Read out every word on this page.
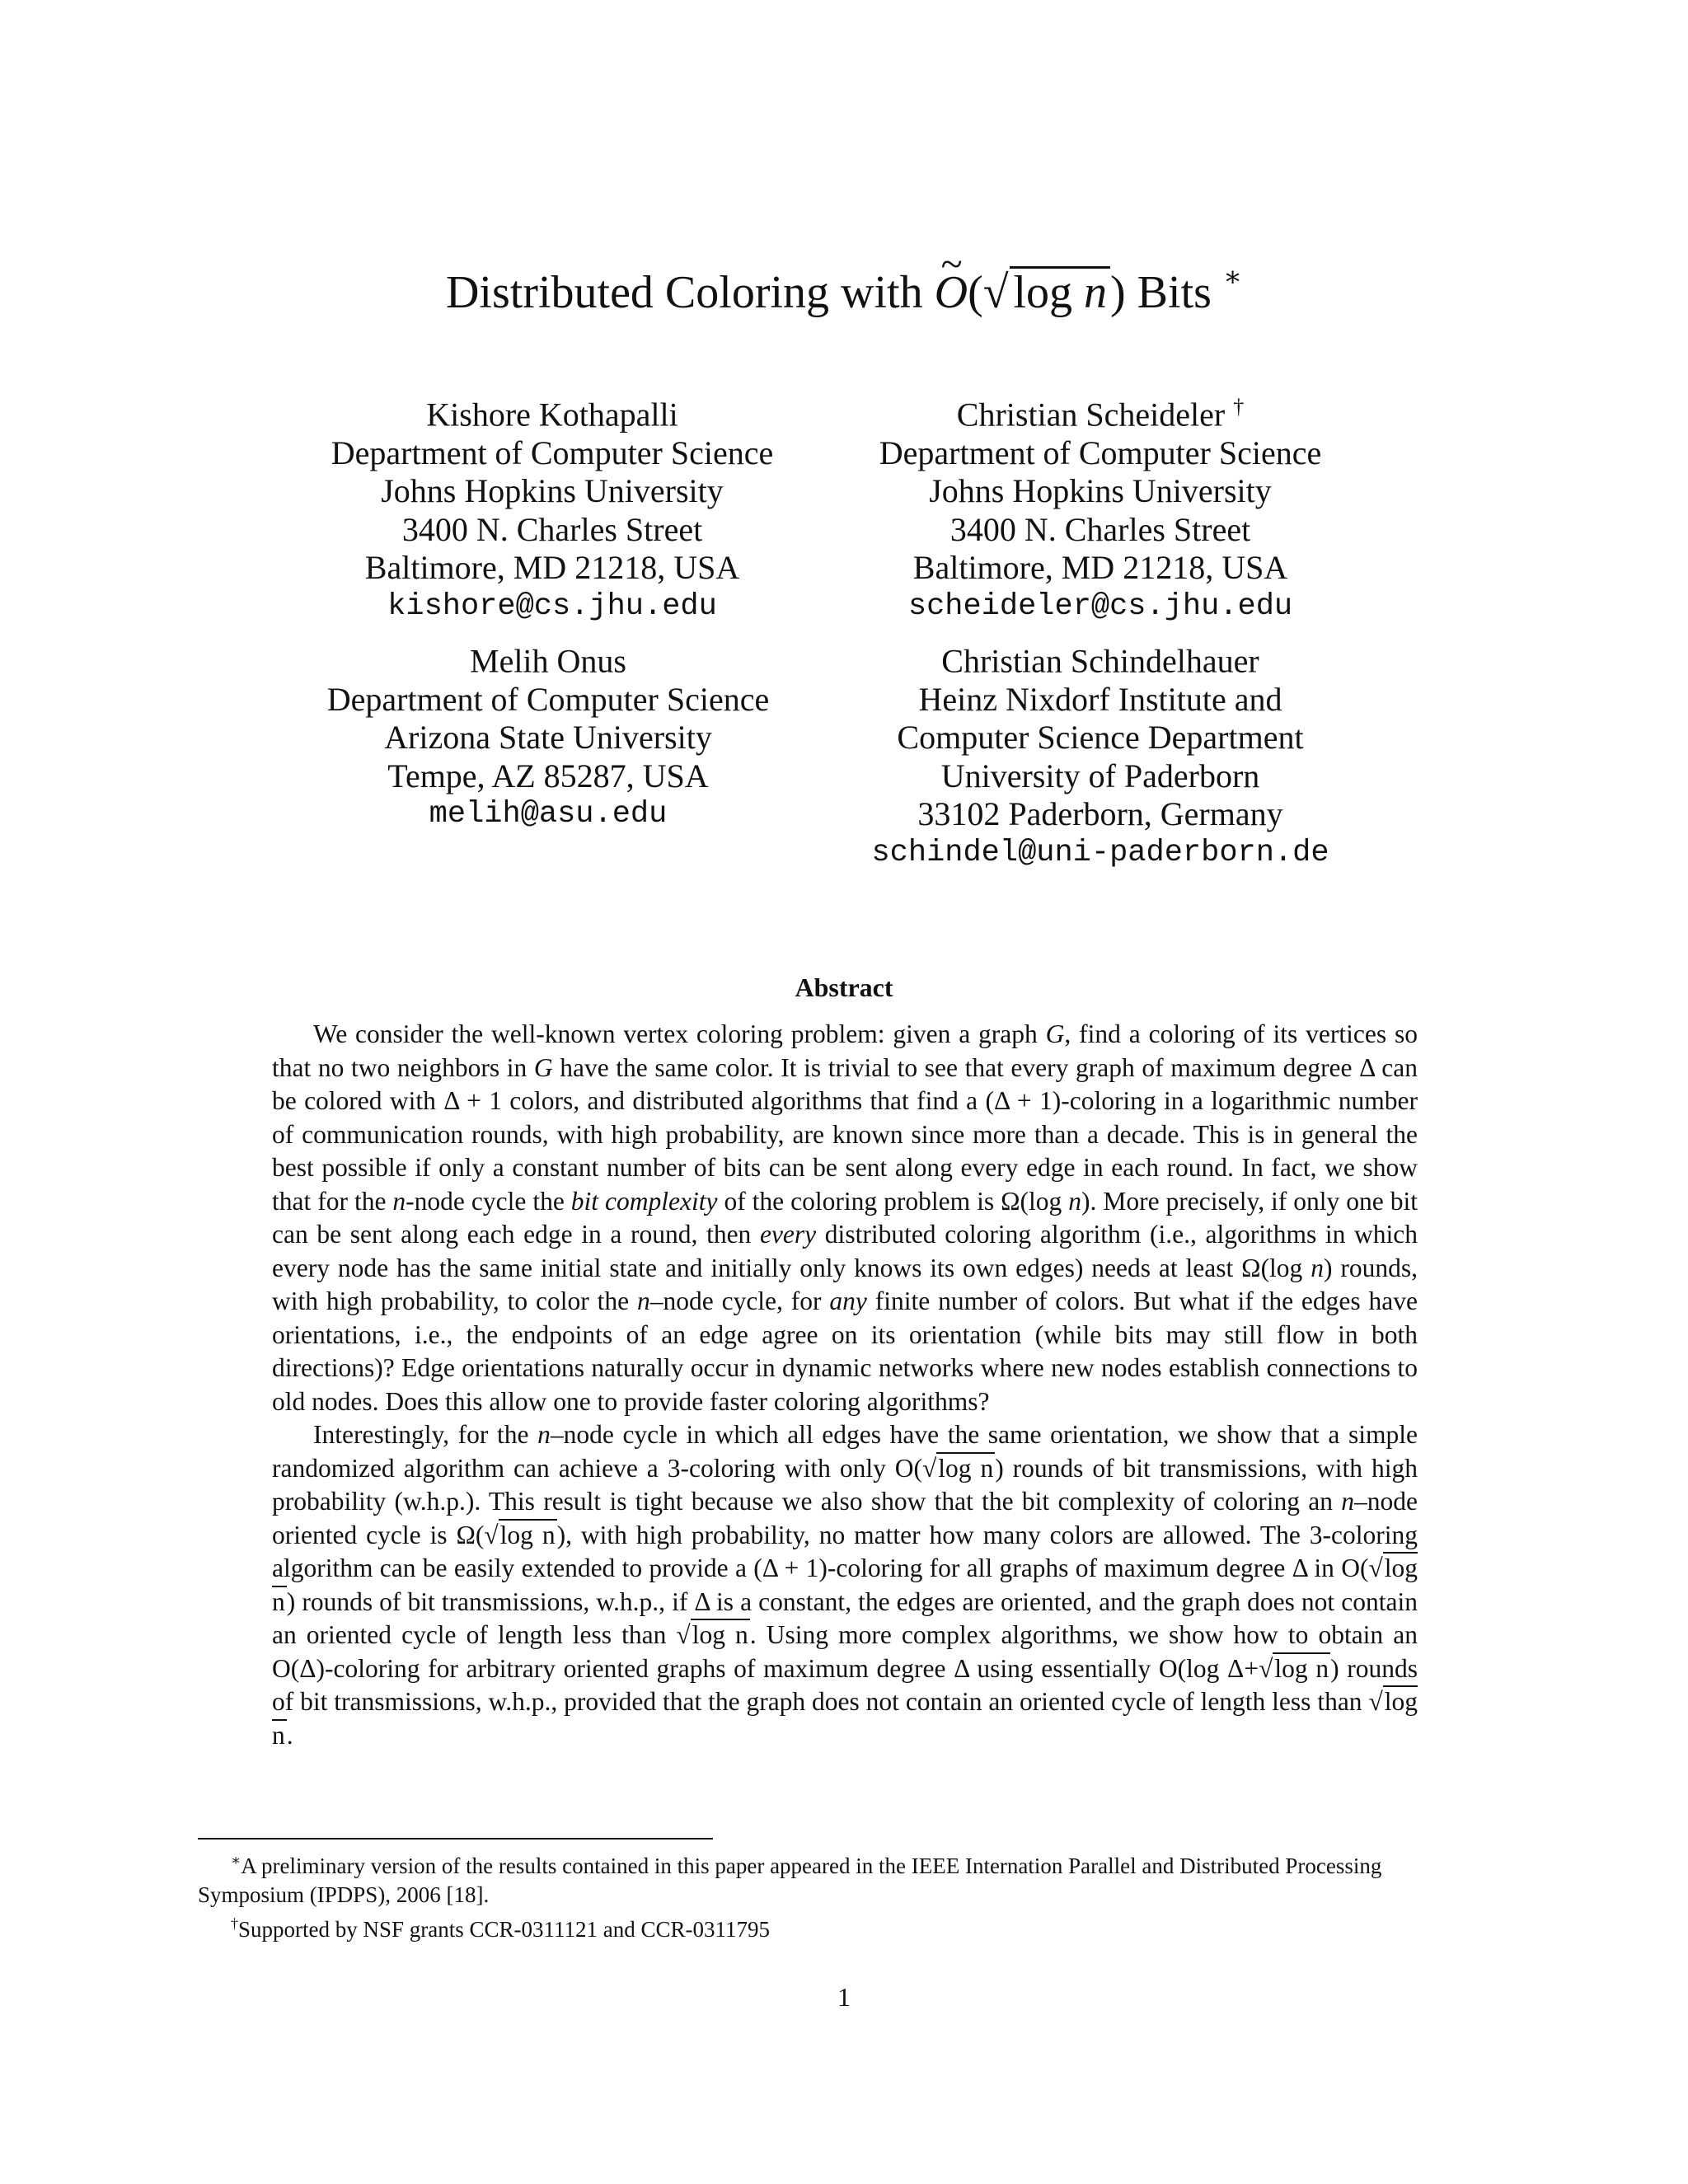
Distributed Coloring with ~ O(√ log n) Bits ∗
Kishore Kothapalli
Department of Computer Science
Johns Hopkins University
3400 N. Charles Street
Baltimore, MD 21218, USA
kishore@cs.jhu.edu
Christian Scheideler †
Department of Computer Science
Johns Hopkins University
3400 N. Charles Street
Baltimore, MD 21218, USA
scheideler@cs.jhu.edu
Melih Onus
Department of Computer Science
Arizona State University
Tempe, AZ 85287, USA
melih@asu.edu
Christian Schindelhauer
Heinz Nixdorf Institute and
Computer Science Department
University of Paderborn
33102 Paderborn, Germany
schindel@uni-paderborn.de
Abstract

We consider the well-known vertex coloring problem: given a graph G, find a coloring of its vertices so that no two neighbors in G have the same color. It is trivial to see that every graph of maximum degree Δ can be colored with Δ + 1 colors, and distributed algorithms that find a (Δ + 1)-coloring in a logarithmic number of communication rounds, with high probability, are known since more than a decade. This is in general the best possible if only a constant number of bits can be sent along every edge in each round. In fact, we show that for the n-node cycle the bit complexity of the coloring problem is Ω(log n). More precisely, if only one bit can be sent along each edge in a round, then every distributed coloring algorithm (i.e., algorithms in which every node has the same initial state and initially only knows its own edges) needs at least Ω(log n) rounds, with high probability, to color the n–node cycle, for any finite number of colors. But what if the edges have orientations, i.e., the endpoints of an edge agree on its orientation (while bits may still flow in both directions)? Edge orientations naturally occur in dynamic networks where new nodes establish connections to old nodes. Does this allow one to provide faster coloring algorithms?

Interestingly, for the n–node cycle in which all edges have the same orientation, we show that a simple randomized algorithm can achieve a 3-coloring with only O(√log n) rounds of bit transmissions, with high probability (w.h.p.). This result is tight because we also show that the bit complexity of coloring an n–node oriented cycle is Ω(√log n), with high probability, no matter how many colors are allowed. The 3-coloring algorithm can be easily extended to provide a (Δ + 1)-coloring for all graphs of maximum degree Δ in O(√log n) rounds of bit transmissions, w.h.p., if Δ is a constant, the edges are oriented, and the graph does not contain an oriented cycle of length less than √log n. Using more complex algorithms, we show how to obtain an O(Δ)-coloring for arbitrary oriented graphs of maximum degree Δ using essentially O(log Δ+√log n) rounds of bit transmissions, w.h.p., provided that the graph does not contain an oriented cycle of length less than √log n.

∗A preliminary version of the results contained in this paper appeared in the IEEE Internation Parallel and Distributed Processing Symposium (IPDPS), 2006 [18].

†Supported by NSF grants CCR-0311121 and CCR-0311795

1
